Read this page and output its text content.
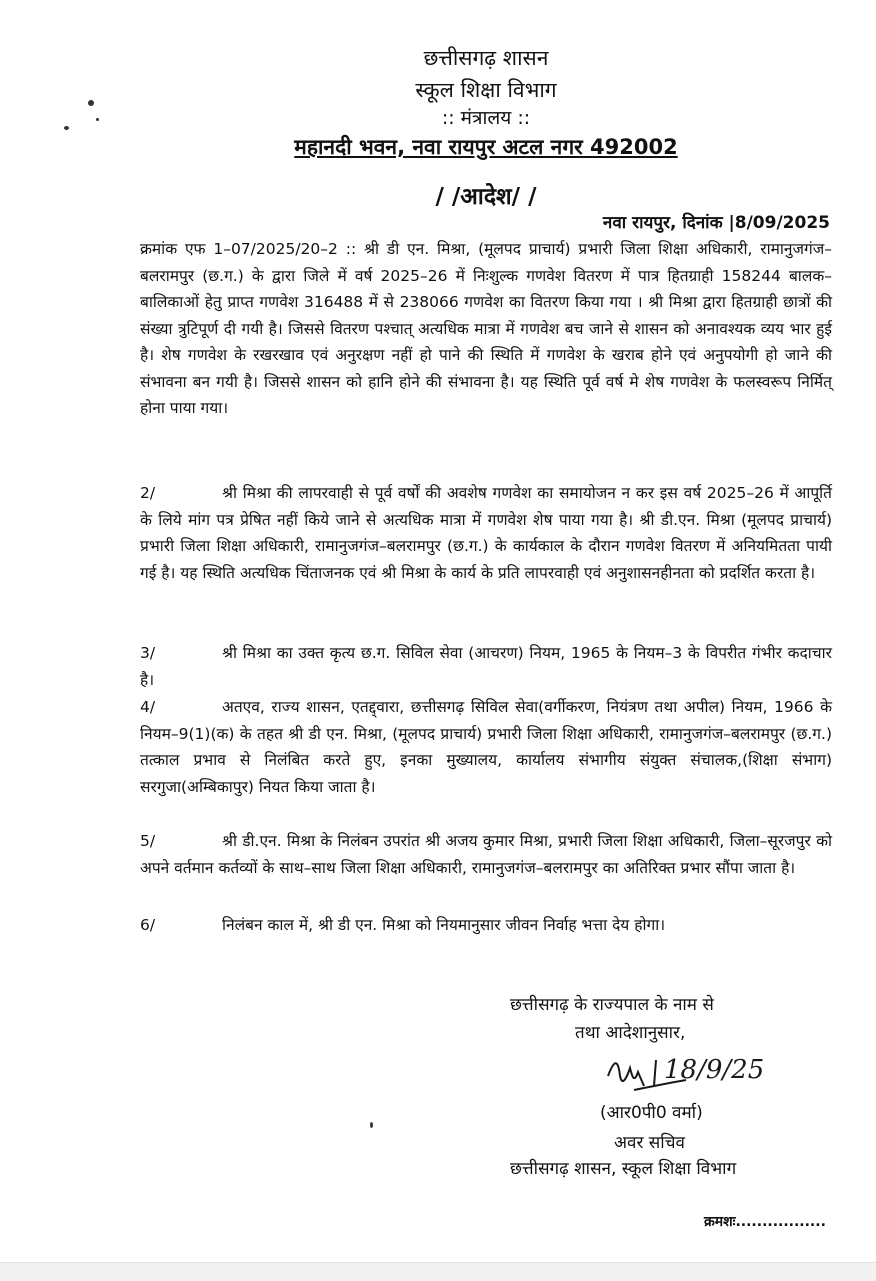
छत्तीसगढ़ शासन
स्कूल शिक्षा विभाग
:: मंत्रालय ::
महानदी भवन, नवा रायपुर अटल नगर 492002
/ /आदेश/ /
नवा रायपुर, दिनांक |8/09/2025

क्रमांक एफ 1–07/2025/20–2 :: श्री डी एन. मिश्रा, (मूलपद प्राचार्य) प्रभारी जिला शिक्षा अधिकारी, रामानुजगंज–बलरामपुर (छ.ग.) के द्वारा जिले में वर्ष 2025–26 में निःशुल्क गणवेश वितरण में पात्र हितग्राही 158244 बालक–बालिकाओं हेतु प्राप्त गणवेश 316488 में से 238066 गणवेश का वितरण किया गया । श्री मिश्रा द्वारा हितग्राही छात्रों की संख्या त्रुटिपूर्ण दी गयी है। जिससे वितरण पश्चात् अत्यधिक मात्रा में गणवेश बच जाने से शासन को अनावश्यक व्यय भार हुई है। शेष गणवेश के रखरखाव एवं अनुरक्षण नहीं हो पाने की स्थिति में गणवेश के खराब होने एवं अनुपयोगी हो जाने की संभावना बन गयी है। जिससे शासन को हानि होने की संभावना है। यह स्थिति पूर्व वर्ष मे शेष गणवेश के फलस्वरूप निर्मित् होना पाया गया।

2/	श्री मिश्रा की लापरवाही से पूर्व वर्षों की अवशेष गणवेश का समायोजन न कर इस वर्ष 2025–26 में आपूर्ति के लिये मांग पत्र प्रेषित नहीं किये जाने से अत्यधिक मात्रा में गणवेश शेष पाया गया है। श्री डी.एन. मिश्रा (मूलपद प्राचार्य) प्रभारी जिला शिक्षा अधिकारी, रामानुजगंज–बलरामपुर (छ.ग.) के कार्यकाल के दौरान गणवेश वितरण में अनियमितता पायी गई है। यह स्थिति अत्यधिक चिंताजनक एवं श्री मिश्रा के कार्य के प्रति लापरवाही एवं अनुशासनहीनता को प्रदर्शित करता है।

3/	श्री मिश्रा का उक्त कृत्य छ.ग. सिविल सेवा (आचरण) नियम, 1965 के नियम–3 के विपरीत गंभीर कदाचार है।

4/	अतएव, राज्य शासन, एतद्द्वारा, छत्तीसगढ़ सिविल सेवा(वर्गीकरण, नियंत्रण तथा अपील) नियम, 1966 के नियम–9(1)(क) के तहत श्री डी एन. मिश्रा, (मूलपद प्राचार्य) प्रभारी जिला शिक्षा अधिकारी, रामानुजगंज–बलरामपुर (छ.ग.) तत्काल प्रभाव से निलंबित करते हुए, इनका मुख्यालय, कार्यालय संभागीय संयुक्त संचालक,(शिक्षा संभाग) सरगुजा(अम्बिकापुर) नियत किया जाता है।

5/	श्री डी.एन. मिश्रा के निलंबन उपरांत श्री अजय कुमार मिश्रा, प्रभारी जिला शिक्षा अधिकारी, जिला–सूरजपुर को अपने वर्तमान कर्तव्यों के साथ–साथ जिला शिक्षा अधिकारी, रामानुजगंज–बलरामपुर का अतिरिक्त प्रभार सौंपा जाता है।

6/	निलंबन काल में, श्री डी एन. मिश्रा को नियमानुसार जीवन निर्वाह भत्ता देय होगा।

छत्तीसगढ़ के राज्यपाल के नाम से

तथा आदेशानुसार,

18/9/25

(आर0पी0 वर्मा)

अवर सचिव

छत्तीसगढ़ शासन, स्कूल शिक्षा विभाग

क्रमशः.................
